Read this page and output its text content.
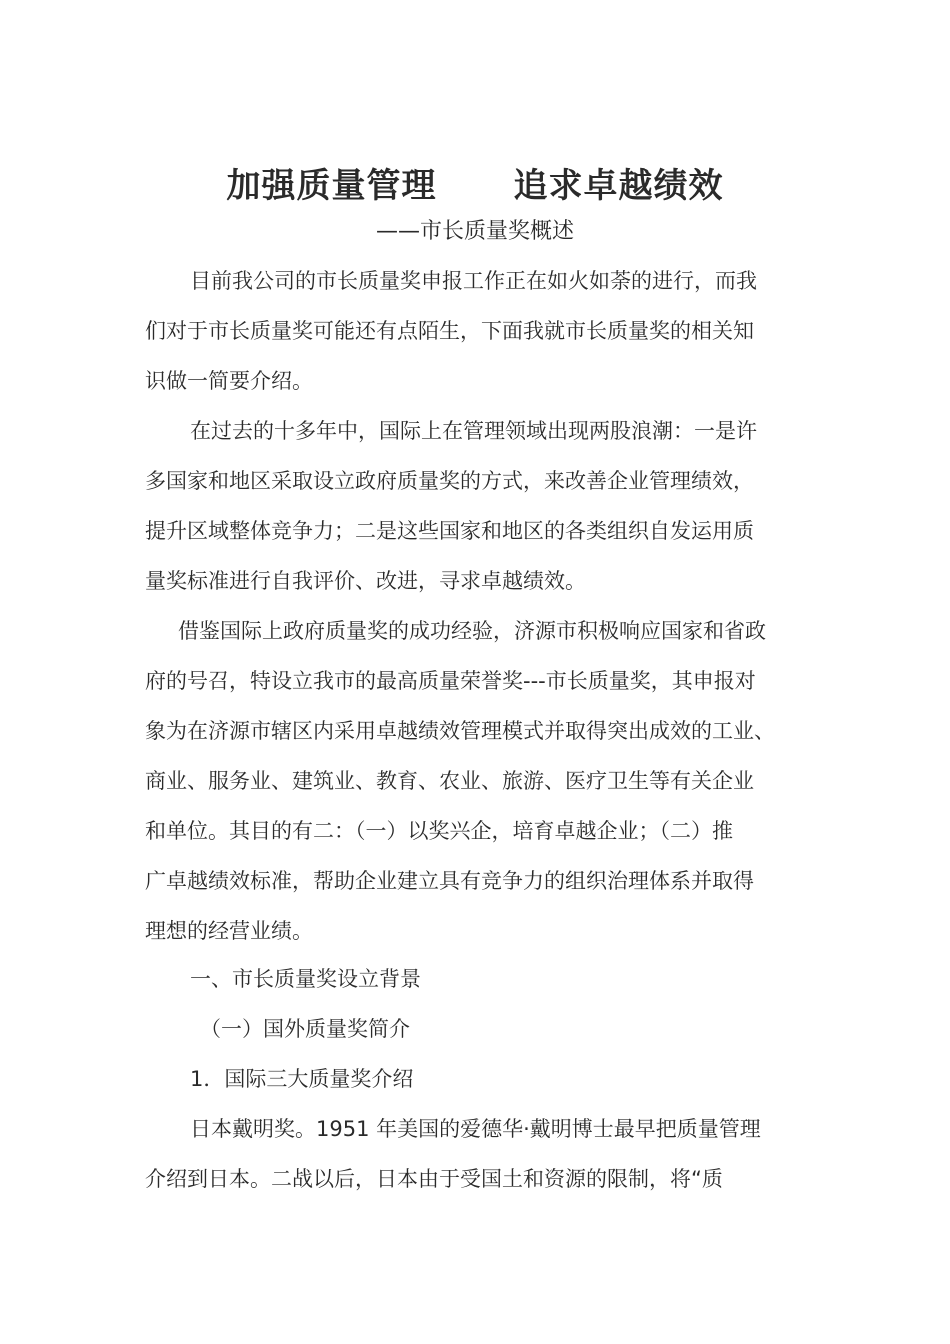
加强质量管理      追求卓越绩效
——市长质量奖概述
目前我公司的市长质量奖申报工作正在如火如荼的进行，而我
们对于市长质量奖可能还有点陌生，下面我就市长质量奖的相关知
识做一简要介绍。
在过去的十多年中，国际上在管理领域出现两股浪潮：一是许
多国家和地区采取设立政府质量奖的方式，来改善企业管理绩效，
提升区域整体竞争力；二是这些国家和地区的各类组织自发运用质
量奖标准进行自我评价、改进，寻求卓越绩效。
借鉴国际上政府质量奖的成功经验，济源市积极响应国家和省政
府的号召，特设立我市的最高质量荣誉奖---市长质量奖，其申报对
象为在济源市辖区内采用卓越绩效管理模式并取得突出成效的工业、
商业、服务业、建筑业、教育、农业、旅游、医疗卫生等有关企业
和单位。其目的有二：（一）以奖兴企，培育卓越企业；（二）推
广卓越绩效标准，帮助企业建立具有竞争力的组织治理体系并取得
理想的经营业绩。
一、市长质量奖设立背景
（一）国外质量奖简介
1．国际三大质量奖介绍
日本戴明奖。1951 年美国的爱德华·戴明博士最早把质量管理
介绍到日本。二战以后，日本由于受国土和资源的限制，将“质
